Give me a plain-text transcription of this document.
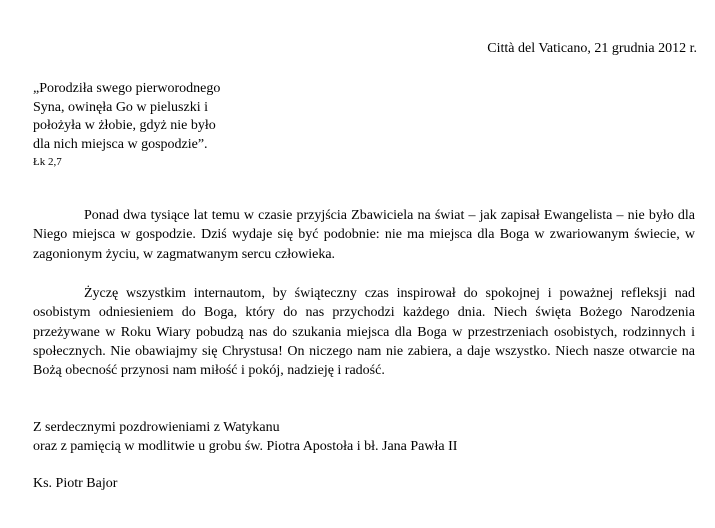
Città del Vaticano, 21 grudnia 2012 r.
„Porodziła swego pierworodnego
Syna, owinęła Go w pieluszki i
położyła w żłobie, gdyż nie było
dla nich miejsca w gospodzie”.
Łk 2,7

Ponad dwa tysiące lat temu w czasie przyjścia Zbawiciela na świat – jak zapisał Ewangelista – nie było dla Niego miejsca w gospodzie. Dziś wydaje się być podobnie: nie ma miejsca dla Boga w zwariowanym świecie, w zagonionym życiu, w zagmatwanym sercu człowieka.

Życzę wszystkim internautom, by świąteczny czas inspirował do spokojnej i poważnej refleksji nad osobistym odniesieniem do Boga, który do nas przychodzi każdego dnia. Niech święta Bożego Narodzenia przeżywane w Roku Wiary pobudzą nas do szukania miejsca dla Boga w przestrzeniach osobistych, rodzinnych i społecznych. Nie obawiajmy się Chrystusa! On niczego nam nie zabiera, a daje wszystko. Niech nasze otwarcie na Bożą obecność przynosi nam miłość i pokój, nadzieję i radość.

Z serdecznymi pozdrowieniami z Watykanu
oraz z pamięcią w modlitwie u grobu św. Piotra Apostoła i bł. Jana Pawła II
Ks. Piotr Bajor
